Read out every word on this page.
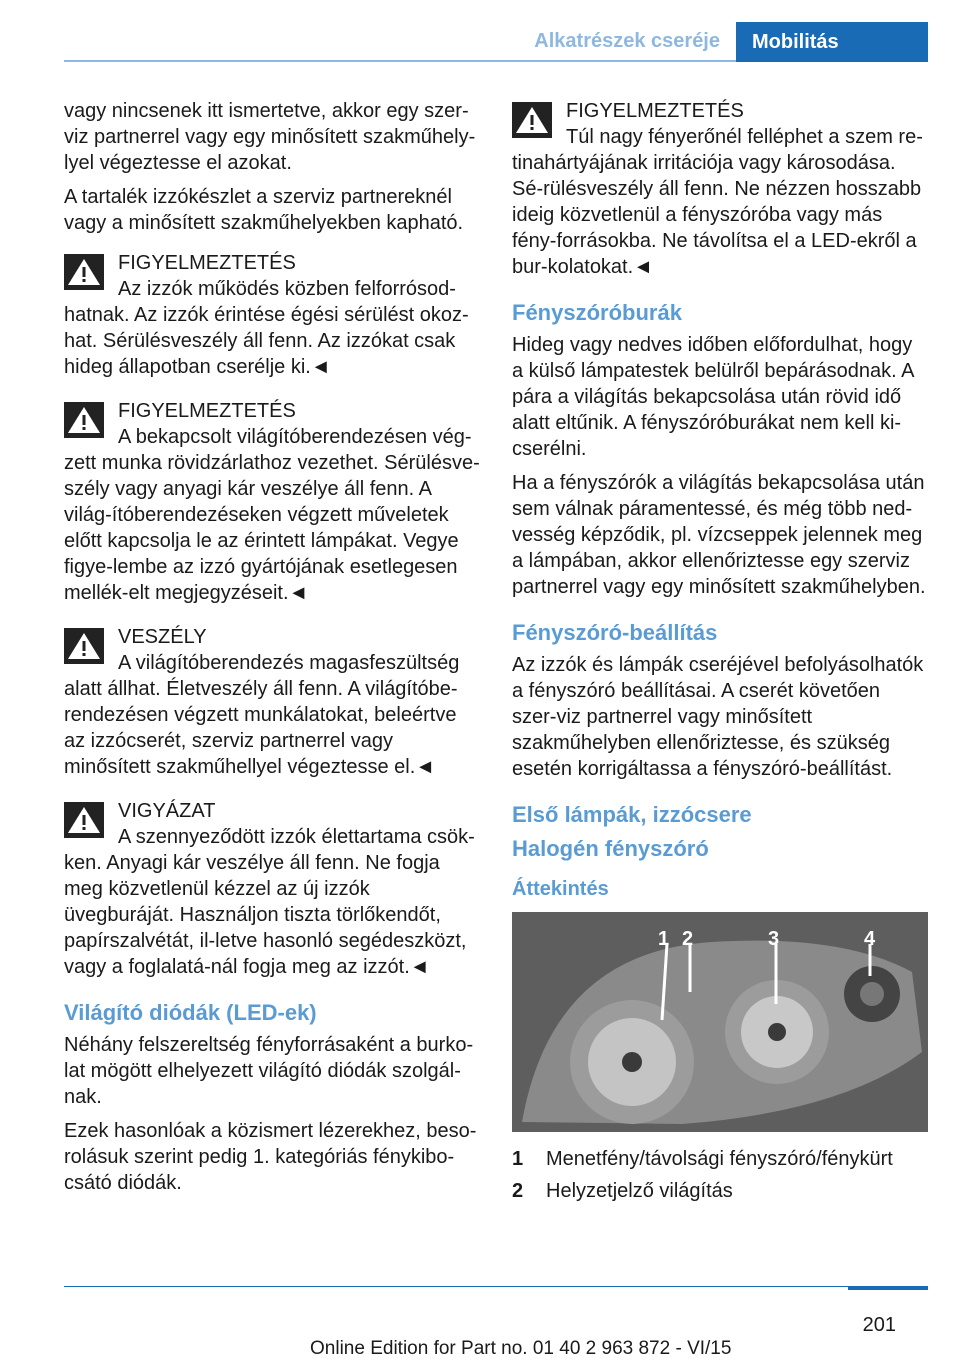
Alkatrészek cseréje	Mobilitás

vagy nincsenek itt ismertetve, akkor egy szer-viz partnerrel vagy egy minősített szakműhely-lyel végeztesse el azokat.

A tartalék izzókészlet a szerviz partnereknél vagy a minősített szakműhelyekben kapható.

FIGYELMEZTETÉS
Az izzók működés közben felforrósod-hatnak. Az izzók érintése égési sérülést okoz-hat. Sérülésveszély áll fenn. Az izzókat csak hideg állapotban cserélje ki.◄
FIGYELMEZTETÉS
A bekapcsolt világítóberendezésen vég-zett munka rövidzárlathoz vezethet. Sérülésve-szély vagy anyagi kár veszélye áll fenn. A világ-ítóberendezéseken végzett műveletek előtt kapcsolja le az érintett lámpákat. Vegye figye-lembe az izzó gyártójának esetlegesen mellék-elt megjegyzéseit.◄
VESZÉLY
A világítóberendezés magasfeszültség alatt állhat. Életveszély áll fenn. A világítóbe-rendezésen végzett munkálatokat, beleértve az izzócserét, szerviz partnerrel vagy minősített szakműhellyel végeztesse el.◄
VIGYÁZAT
A szennyeződött izzók élettartama csök-ken. Anyagi kár veszélye áll fenn. Ne fogja meg közvetlenül kézzel az új izzók üvegburáját. Használjon tiszta törlőkendőt, papírszalvétát, il-letve hasonló segédeszközt, vagy a foglalatá-nál fogja meg az izzót.◄
Világító diódák (LED-ek)

Néhány felszereltség fényforrásaként a burko-lat mögött elhelyezett világító diódák szolgál-nak.

Ezek hasonlóak a közismert lézerekhez, beso-rolásuk szerint pedig 1. kategóriás fénykibo-csátó diódák.

FIGYELMEZTETÉS
Túl nagy fényerőnél felléphet a szem re-tinahártyájának irritációja vagy károsodása. Sé-rülésveszély áll fenn. Ne nézzen hosszabb ideig közvetlenül a fényszóróba vagy más fény-forrásokba. Ne távolítsa el a LED-ekről a bur-kolatokat.◄
Fényszóróburák

Hideg vagy nedves időben előfordulhat, hogy a külső lámpatestek belülről bepárásodnak. A pára a világítás bekapcsolása után rövid idő alatt eltűnik. A fényszóróburákat nem kell ki-cserélni.

Ha a fényszórók a világítás bekapcsolása után sem válnak páramentessé, és még több ned-vesség képződik, pl. vízcseppek jelennek meg a lámpában, akkor ellenőriztesse egy szerviz partnerrel vagy egy minősített szakműhelyben.

Fényszóró-beállítás

Az izzók és lámpák cseréjével befolyásolhatók a fényszóró beállításai. A cserét követően szer-viz partnerrel vagy minősített szakműhelyben ellenőriztesse, és szükség esetén korrigáltassa a fényszóró-beállítást.

Első lámpák, izzócsere
Halogén fényszóró
Áttekintés
1 2	3	4
1	Menetfény/távolsági fényszóró/fénykürt
2	Helyzetjelző világítás
201
Online Edition for Part no. 01 40 2 963 872 - VI/15
